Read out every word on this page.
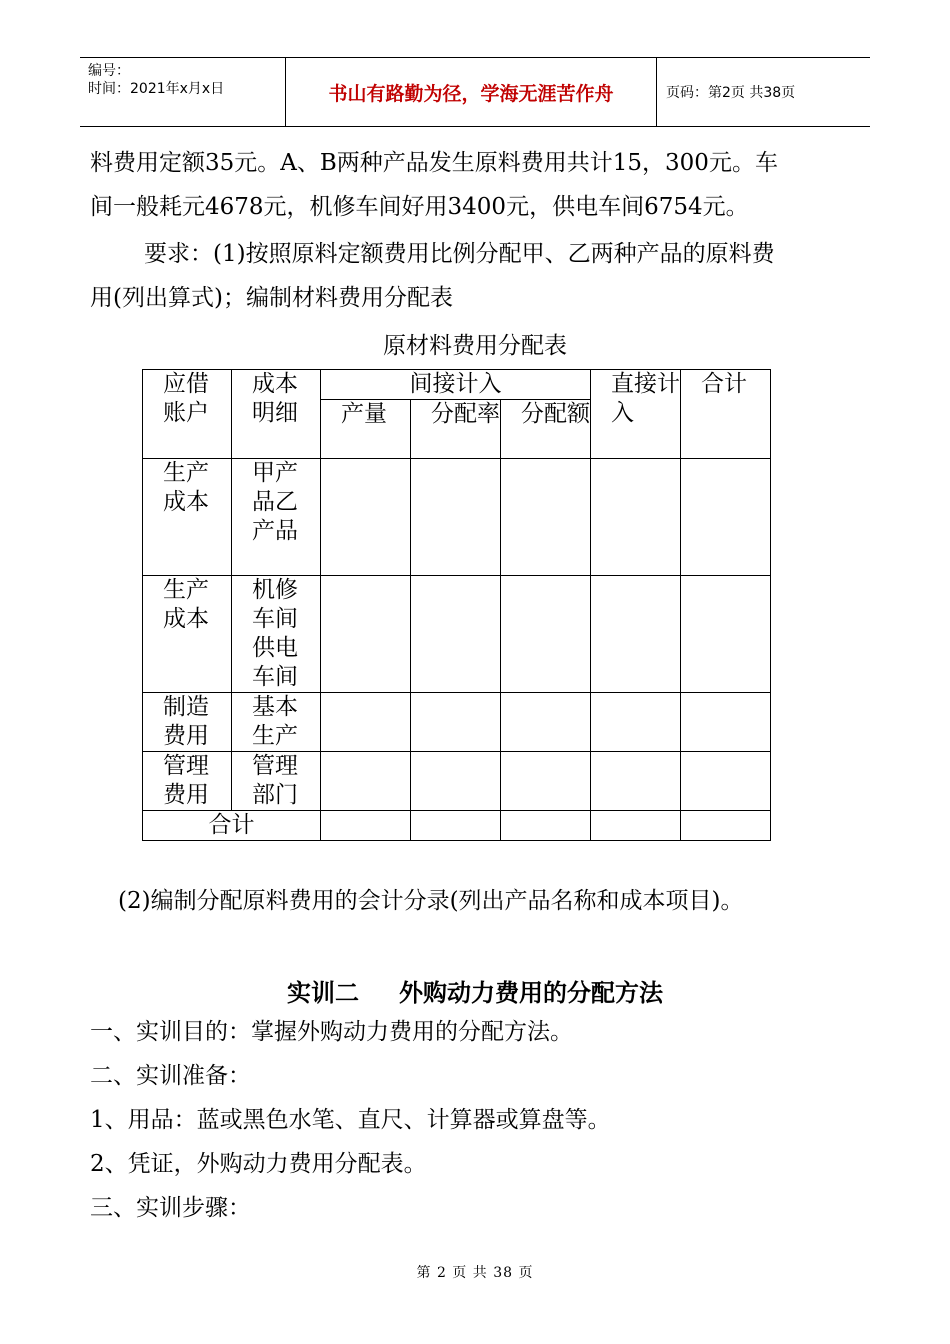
编号：
时间：2021年x月x日	书山有路勤为径，学海无涯苦作舟	页码：第2页 共38页
料费用定额35元。A、B两种产品发生原料费用共计15，300元。车
间一般耗元4678元，机修车间好用3400元，供电车间6754元。
要求：(1)按照原料定额费用比例分配甲、乙两种产品的原料费
用(列出算式)；编制材料费用分配表
原材料费用分配表
应借账户	成本明细	间接计入			直接计入	合计
		产量	分配率	分配额		
生产成本	甲产品乙产品					
生产成本	机修车间供电车间					
制造费用	基本生产					
管理费用	管理部门					
合计						
(2)编制分配原料费用的会计分录(列出产品名称和成本项目)。
实训二 外购动力费用的分配方法
一、实训目的：掌握外购动力费用的分配方法。
二、实训准备：
1、用品：蓝或黑色水笔、直尺、计算器或算盘等。
2、凭证，外购动力费用分配表。
三、实训步骤：
第 2 页 共 38 页
